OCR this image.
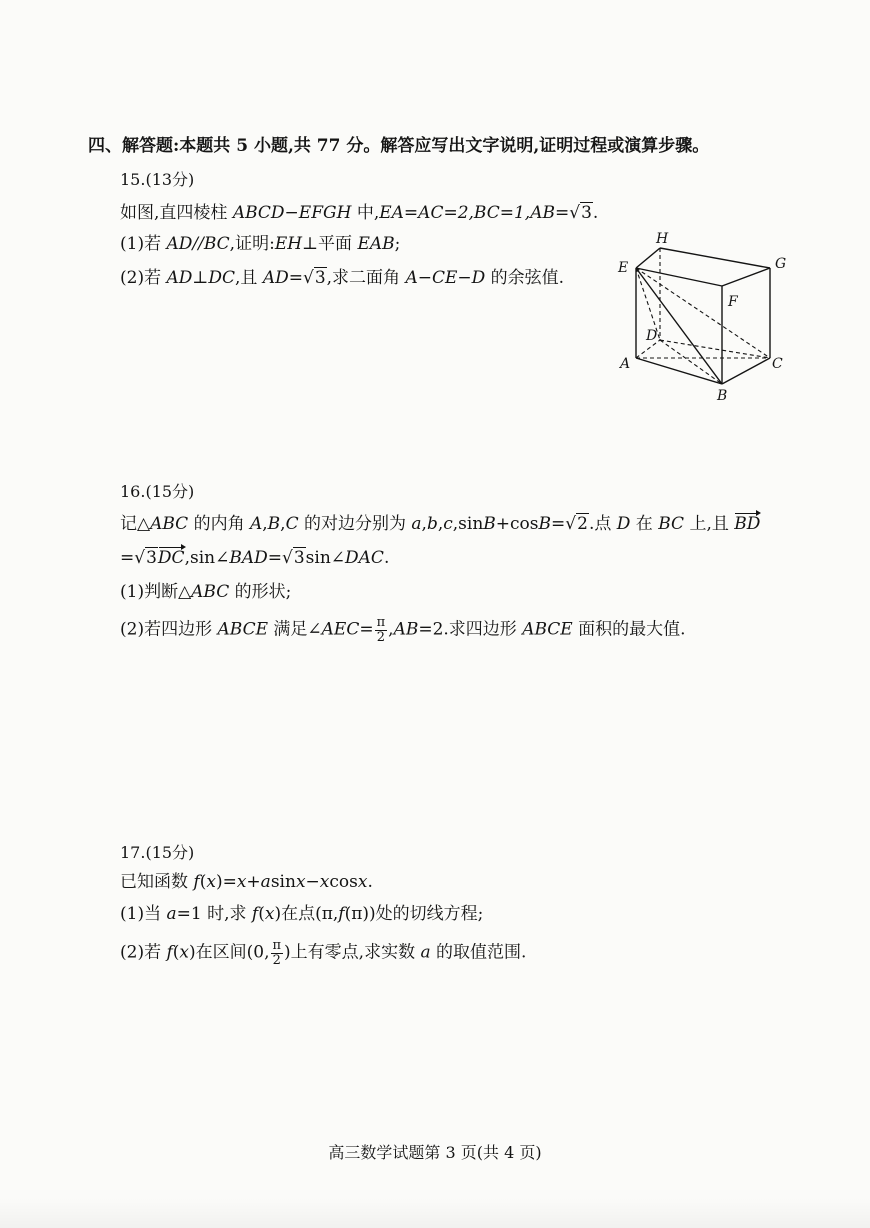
四、解答题:本题共 5 小题,共 77 分。解答应写出文字说明,证明过程或演算步骤。
15.(13分)
如图,直四棱柱 ABCD−EFGH 中,EA=AC=2,BC=1,AB=√3.
(1)若 AD//BC,证明:EH⊥平面 EAB;
(2)若 AD⊥DC,且 AD=√3,求二面角 A−CE−D 的余弦值.
H
G
E
F
D
A	C
B
16.(15分)
记△ABC 的内角 A,B,C 的对边分别为 a,b,c,sinB+cosB=√2.点 D 在 BC 上,且 BD
=√3DC,sin∠BAD=√3sin∠DAC.
(1)判断△ABC 的形状;
(2)若四边形 ABCE 满足∠AEC= $\frac{\pi}{2} ,AB=2$.求四边形 ABCE 面积的最大值.
17.(15分)
已知函数 f(x)=x+asinx−xcosx.
(1)当 a=1 时,求 f(x)在点(π,f(π))处的切线方程;
(2)若 f(x)在区间(0, $\frac{\pi}{2}$ )上有零点,求实数 a 的取值范围.
高三数学试题第 3 页(共 4 页)
